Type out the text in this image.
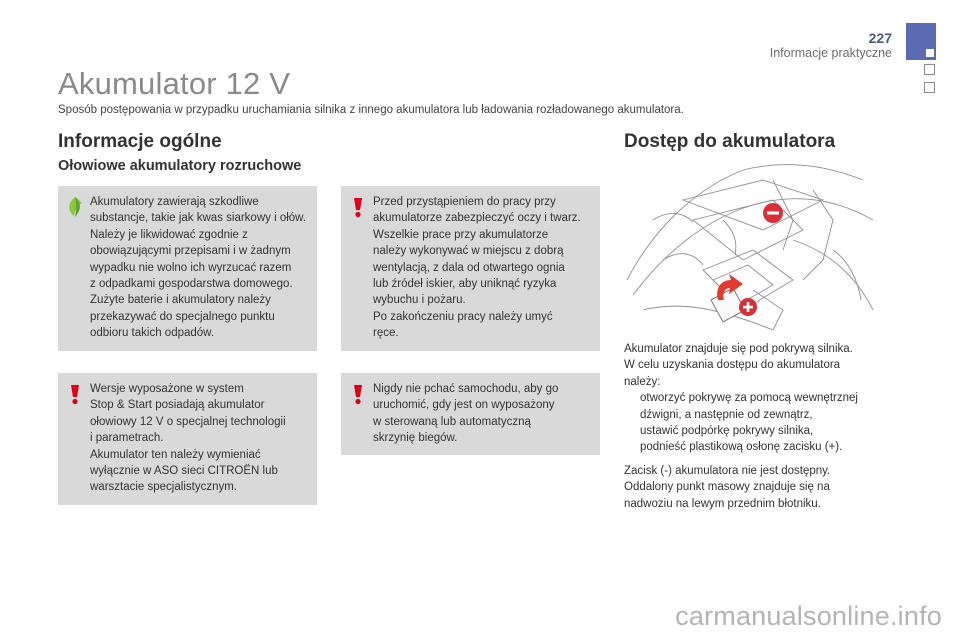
227
Informacje praktyczne
Akumulator 12 V
Sposób postępowania w przypadku uruchamiania silnika z innego akumulatora lub ładowania rozładowanego akumulatora.
Informacje ogólne
Ołowiowe akumulatory rozruchowe
Akumulatory zawierają szkodliwe
substancje, takie jak kwas siarkowy i ołów.
Należy je likwidować zgodnie z
obowiązującymi przepisami i w żadnym
wypadku nie wolno ich wyrzucać razem
z odpadkami gospodarstwa domowego.
Zużyte baterie i akumulatory należy
przekazywać do specjalnego punktu
odbioru takich odpadów.
Przed przystąpieniem do pracy przy
akumulatorze zabezpieczyć oczy i twarz.
Wszelkie prace przy akumulatorze
należy wykonywać w miejscu z dobrą
wentylacją, z dala od otwartego ognia
lub źródeł iskier, aby uniknąć ryzyka
wybuchu i pożaru.
Po zakończeniu pracy należy umyć
ręce.
Wersje wyposażone w system
Stop & Start posiadają akumulator
ołowiowy 12 V o specjalnej technologii
i parametrach.
Akumulator ten należy wymieniać
wyłącznie w ASO sieci CITROËN lub
warsztacie specjalistycznym.
Nigdy nie pchać samochodu, aby go
uruchomić, gdy jest on wyposażony
w sterowaną lub automatyczną
skrzynię biegów.
Dostęp do akumulatora
Akumulator znajduje się pod pokrywą silnika.
W celu uzyskania dostępu do akumulatora
należy:
otworzyć pokrywę za pomocą wewnętrznej
dźwigni, a następnie od zewnątrz,
ustawić podpórkę pokrywy silnika,
podnieść plastikową osłonę zacisku (+).
Zacisk (-) akumulatora nie jest dostępny.
Oddalony punkt masowy znajduje się na
nadwoziu na lewym przednim błotniku.
carmanualsonline.info
